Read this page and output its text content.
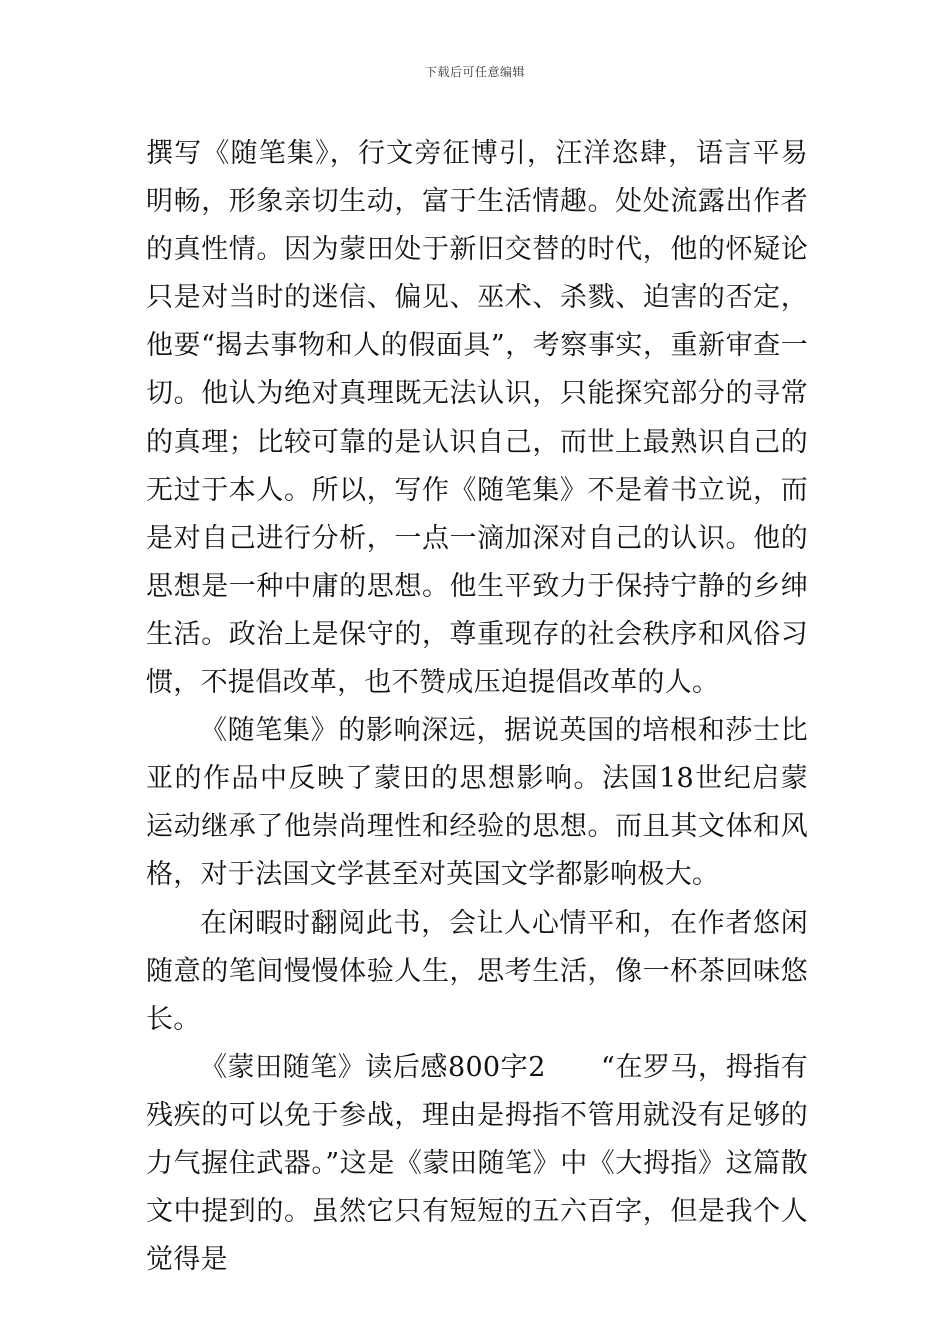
下载后可任意编辑

撰写《随笔集》，行文旁征博引，汪洋恣肆，语言平易明畅，形象亲切生动，富于生活情趣。处处流露出作者的真性情。因为蒙田处于新旧交替的时代，他的怀疑论只是对当时的迷信、偏见、巫术、杀戮、迫害的否定，他要“揭去事物和人的假面具”，考察事实，重新审查一切。他认为绝对真理既无法认识，只能探究部分的寻常的真理；比较可靠的是认识自己，而世上最熟识自己的无过于本人。所以，写作《随笔集》不是着书立说，而是对自己进行分析，一点一滴加深对自己的认识。他的思想是一种中庸的思想。他生平致力于保持宁静的乡绅生活。政治上是保守的，尊重现存的社会秩序和风俗习惯，不提倡改革，也不赞成压迫提倡改革的人。

《随笔集》的影响深远，据说英国的培根和莎士比亚的作品中反映了蒙田的思想影响。法国18世纪启蒙运动继承了他崇尚理性和经验的思想。而且其文体和风格，对于法国文学甚至对英国文学都影响极大。

在闲暇时翻阅此书，会让人心情平和，在作者悠闲随意的笔间慢慢体验人生，思考生活，像一杯茶回味悠长。

《蒙田随笔》读后感800字2　　“在罗马，拇指有残疾的可以免于参战，理由是拇指不管用就没有足够的力气握住武器。”这是《蒙田随笔》中《大拇指》这篇散文中提到的。虽然它只有短短的五六百字，但是我个人觉得是
